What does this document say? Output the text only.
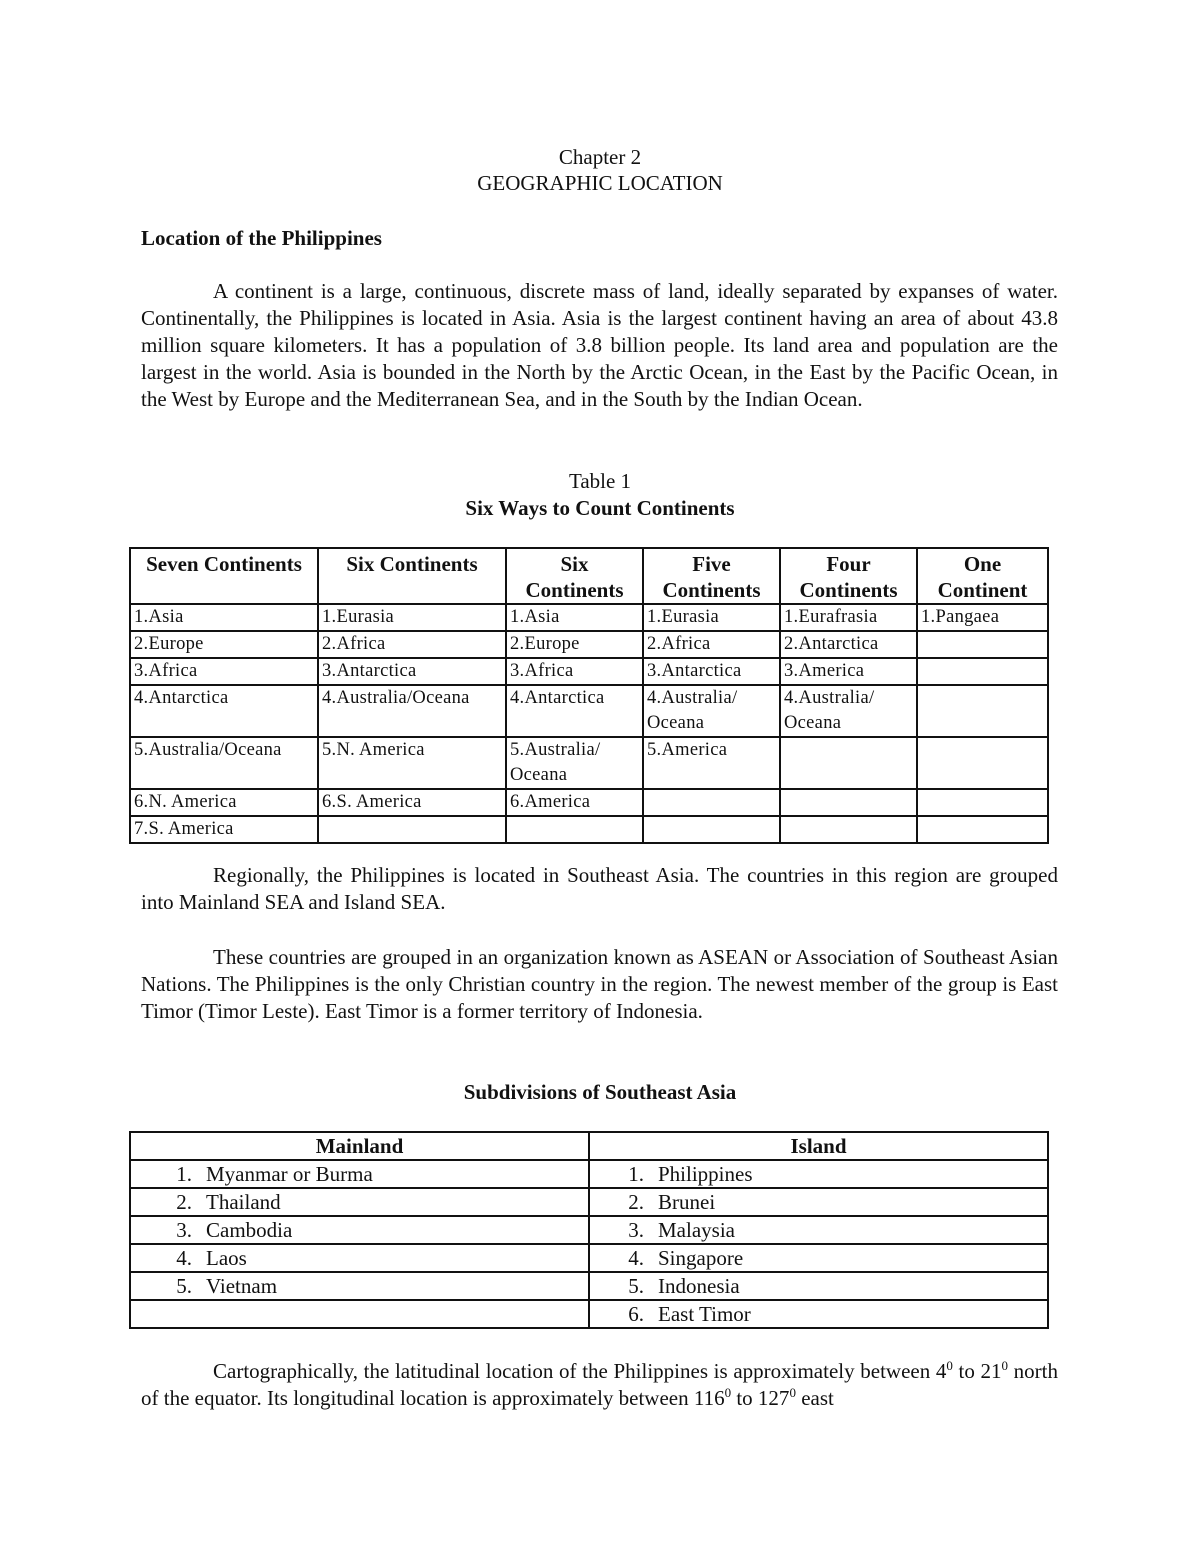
Chapter 2
GEOGRAPHIC LOCATION
Location of the Philippines

A continent is a large, continuous, discrete mass of land, ideally separated by expanses of water. Continentally, the Philippines is located in Asia. Asia is the largest continent having an area of about 43.8 million square kilometers. It has a population of 3.8 billion people. Its land area and population are the largest in the world. Asia is bounded in the North by the Arctic Ocean, in the East by the Pacific Ocean, in the West by Europe and the Mediterranean Sea, and in the South by the Indian Ocean.

Table 1
Six Ways to Count Continents
Seven Continents	Six Continents	Six Continents	Five Continents	Four Continents	One Continent
1.Asia	1.Eurasia	1.Asia	1.Eurasia	1.Eurafrasia	1.Pangaea
2.Europe	2.Africa	2.Europe	2.Africa	2.Antarctica	
3.Africa	3.Antarctica	3.Africa	3.Antarctica	3.America	
4.Antarctica	4.Australia/Oceana	4.Antarctica	4.Australia/ Oceana	4.Australia/ Oceana	
5.Australia/Oceana	5.N. America	5.Australia/ Oceana	5.America		
6.N. America	6.S. America	6.America			
7.S. America					

Regionally, the Philippines is located in Southeast Asia. The countries in this region are grouped into Mainland SEA and Island SEA.

These countries are grouped in an organization known as ASEAN or Association of Southeast Asian Nations. The Philippines is the only Christian country in the region. The newest member of the group is East Timor (Timor Leste). East Timor is a former territory of Indonesia.

Subdivisions of Southeast Asia
Mainland	Island
1. Myanmar or Burma	1. Philippines
2. Thailand	2. Brunei
3. Cambodia	3. Malaysia
4. Laos	4. Singapore
5. Vietnam	5. Indonesia
	6. East Timor

Cartographically, the latitudinal location of the Philippines is approximately between $4^0$ to $21^0$ north of the equator. Its longitudinal location is approximately between $116^0$ to $127^0$ east
